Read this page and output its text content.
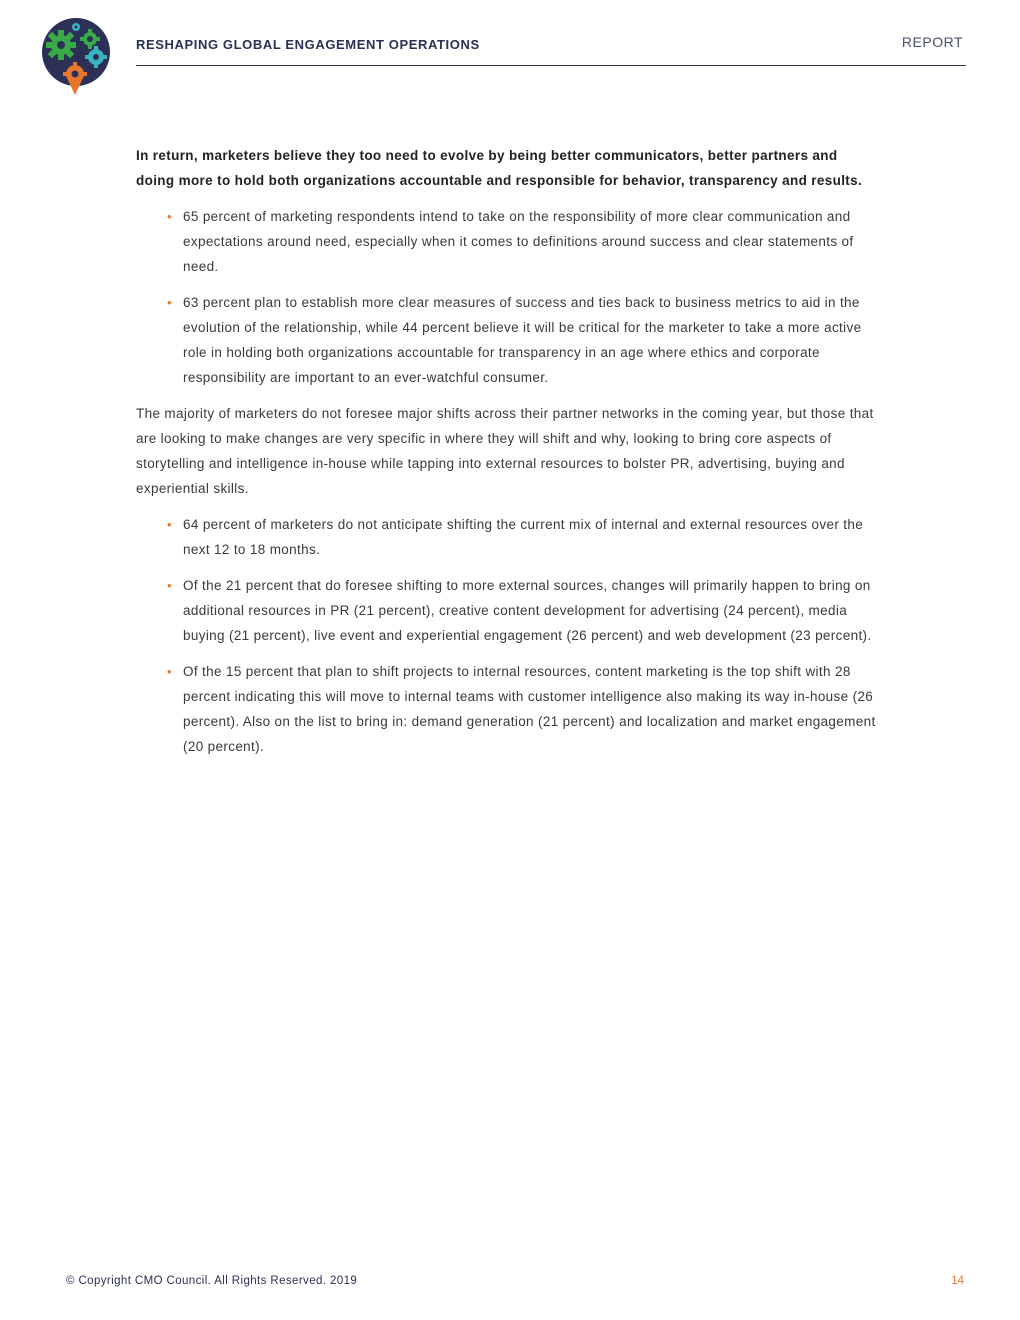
RESHAPING GLOBAL ENGAGEMENT OPERATIONS	REPORT

In return, marketers believe they too need to evolve by being better communicators, better partners and doing more to hold both organizations accountable and responsible for behavior, transparency and results.

• 65 percent of marketing respondents intend to take on the responsibility of more clear communication and expectations around need, especially when it comes to definitions around success and clear statements of need.
• 63 percent plan to establish more clear measures of success and ties back to business metrics to aid in the evolution of the relationship, while 44 percent believe it will be critical for the marketer to take a more active role in holding both organizations accountable for transparency in an age where ethics and corporate responsibility are important to an ever-watchful consumer.

The majority of marketers do not foresee major shifts across their partner networks in the coming year, but those that are looking to make changes are very specific in where they will shift and why, looking to bring core aspects of storytelling and intelligence in-house while tapping into external resources to bolster PR, advertising, buying and experiential skills.

• 64 percent of marketers do not anticipate shifting the current mix of internal and external resources over the next 12 to 18 months.
• Of the 21 percent that do foresee shifting to more external sources, changes will primarily happen to bring on additional resources in PR (21 percent), creative content development for advertising (24 percent), media buying (21 percent), live event and experiential engagement (26 percent) and web development (23 percent).
• Of the 15 percent that plan to shift projects to internal resources, content marketing is the top shift with 28 percent indicating this will move to internal teams with customer intelligence also making its way in-house (26 percent). Also on the list to bring in: demand generation (21 percent) and localization and market engagement (20 percent).
© Copyright CMO Council. All Rights Reserved. 2019	14
